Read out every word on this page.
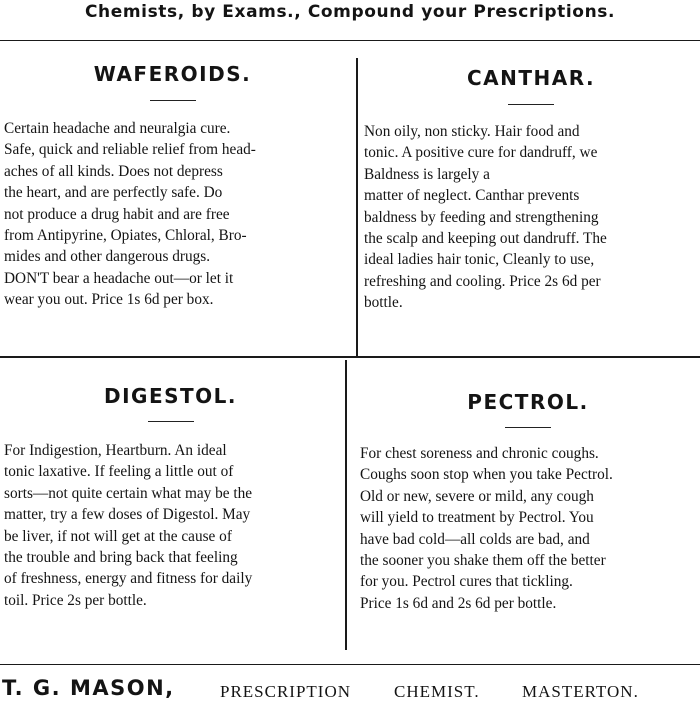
Chemists, by Exams., Compound your Prescriptions.
WAFEROIDS.

Certain headache and neuralgia cure.
Safe, quick and reliable relief from head-
aches of all kinds. Does not depress
the heart, and are perfectly safe. Do
not produce a drug habit and are free
from Antipyrine, Opiates, Chloral, Bro-
mides and other dangerous drugs.
DON'T bear a headache out—or let it
wear you out. Price 1s 6d per box.

CANTHAR.

Non oily, non sticky. Hair food and
tonic. A positive cure for dandruff, we
Baldness is largely a
matter of neglect. Canthar prevents
baldness by feeding and strengthening
the scalp and keeping out dandruff. The
ideal ladies hair tonic, Cleanly to use,
refreshing and cooling. Price 2s 6d per
bottle.

DIGESTOL.

For Indigestion, Heartburn. An ideal
tonic laxative. If feeling a little out of
sorts—not quite certain what may be the
matter, try a few doses of Digestol. May
be liver, if not will get at the cause of
the trouble and bring back that feeling
of freshness, energy and fitness for daily
toil. Price 2s per bottle.

PECTROL.

For chest soreness and chronic coughs.
Coughs soon stop when you take Pectrol.
Old or new, severe or mild, any cough
will yield to treatment by Pectrol. You
have bad cold—all colds are bad, and
the sooner you shake them off the better
for you. Pectrol cures that tickling.
Price 1s 6d and 2s 6d per bottle.

T. G. MASON,	PRESCRIPTION	CHEMIST. MASTERTON.
